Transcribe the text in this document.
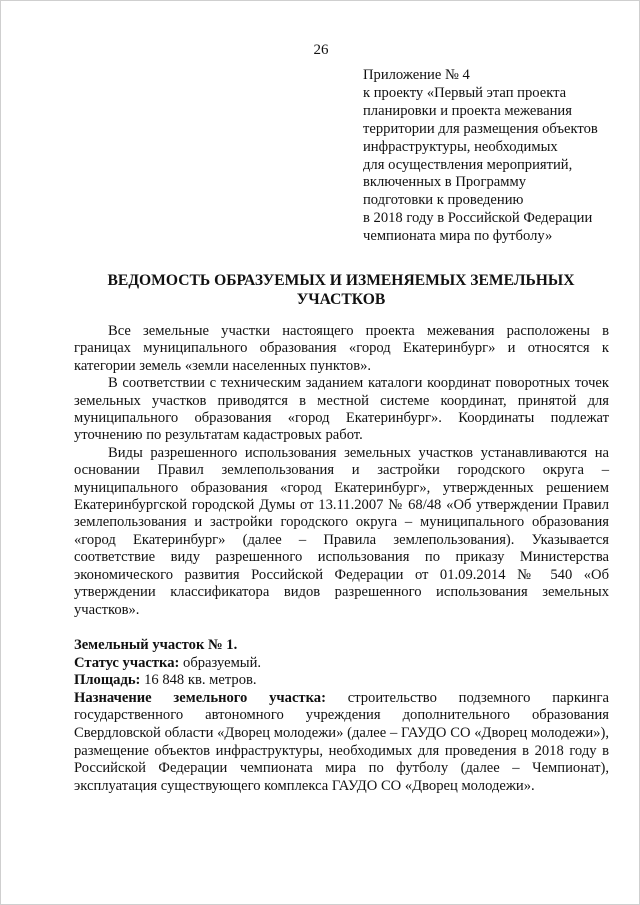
26
Приложение № 4
к проекту «Первый этап проекта
планировки и проекта межевания
территории для размещения объектов
инфраструктуры, необходимых
для осуществления мероприятий,
включенных в Программу
подготовки к проведению
в 2018 году в Российской Федерации
чемпионата мира по футболу»
ВЕДОМОСТЬ ОБРАЗУЕМЫХ И ИЗМЕНЯЕМЫХ ЗЕМЕЛЬНЫХ
УЧАСТКОВ

Все земельные участки настоящего проекта межевания расположены в границах муниципального образования «город Екатеринбург» и относятся к категории земель «земли населенных пунктов».

В соответствии с техническим заданием каталоги координат поворотных точек земельных участков приводятся в местной системе координат, принятой для муниципального образования «город Екатеринбург». Координаты подлежат уточнению по результатам кадастровых работ.

Виды разрешенного использования земельных участков устанавливаются на основании Правил землепользования и застройки городского округа – муниципального образования «город Екатеринбург», утвержденных решением Екатеринбургской городской Думы от 13.11.2007 № 68/48 «Об утверждении Правил землепользования и застройки городского округа – муниципального образования «город Екатеринбург» (далее – Правила землепользования). Указывается соответствие виду разрешенного использования по приказу Министерства экономического развития Российской Федерации от 01.09.2014 № 540 «Об утверждении классификатора видов разрешенного использования земельных участков».

Земельный участок № 1.
Статус участка: образуемый.
Площадь: 16 848 кв. метров.
Назначение земельного участка: строительство подземного паркинга государственного автономного учреждения дополнительного образования Свердловской области «Дворец молодежи» (далее – ГАУДО СО «Дворец молодежи»), размещение объектов инфраструктуры, необходимых для проведения в 2018 году в Российской Федерации чемпионата мира по футболу (далее – Чемпионат), эксплуатация существующего комплекса ГАУДО СО «Дворец молодежи».
